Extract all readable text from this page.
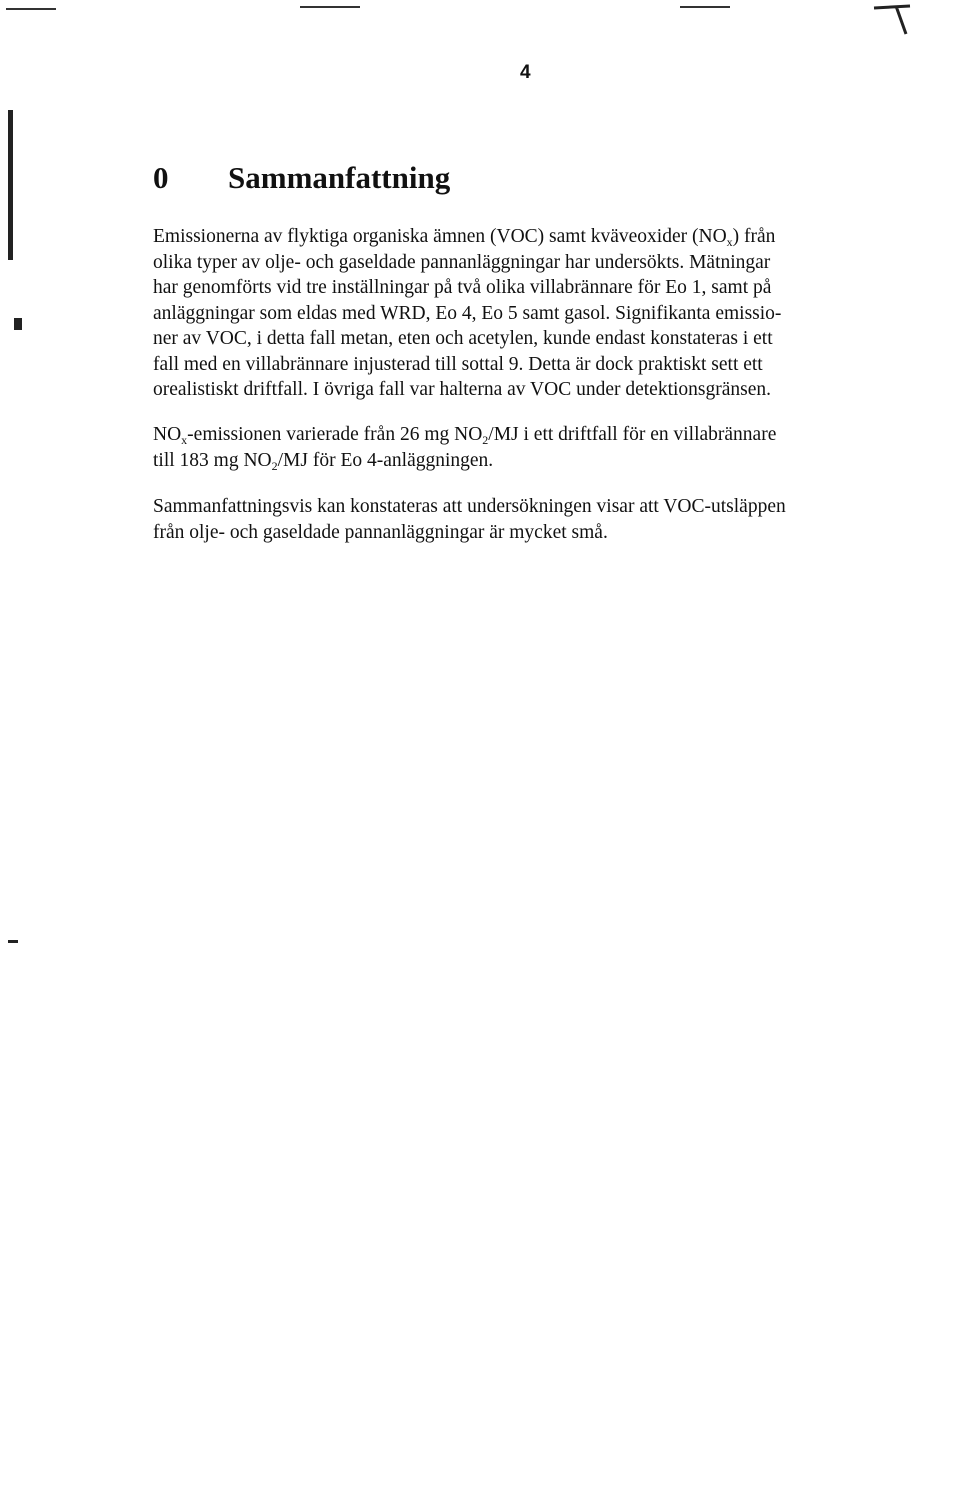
4
0 Sammanfattning

Emissionerna av flyktiga organiska ämnen (VOC) samt kväveoxider $(NO_x)$ från
olika typer av olje- och gaseldade pannanläggningar har undersökts. Mätningar
har genomförts vid tre inställningar på två olika villabrännare för Eo 1, samt på
anläggningar som eldas med WRD, Eo 4, Eo 5 samt gasol. Signifikanta emissio-
ner av VOC, i detta fall metan, eten och acetylen, kunde endast konstateras i ett
fall med en villabrännare injusterad till sottal 9. Detta är dock praktiskt sett ett
orealistiskt driftfall. I övriga fall var halterna av VOC under detektionsgränsen.

$NO_x$-emissionen varierade från 26 mg $NO_2/MJ$ i ett driftfall för en villabrännare
till 183 mg $NO_2/MJ$ för Eo 4-anläggningen.

Sammanfattningsvis kan konstateras att undersökningen visar att VOC-utsläppen
från olje- och gaseldade pannanläggningar är mycket små.
